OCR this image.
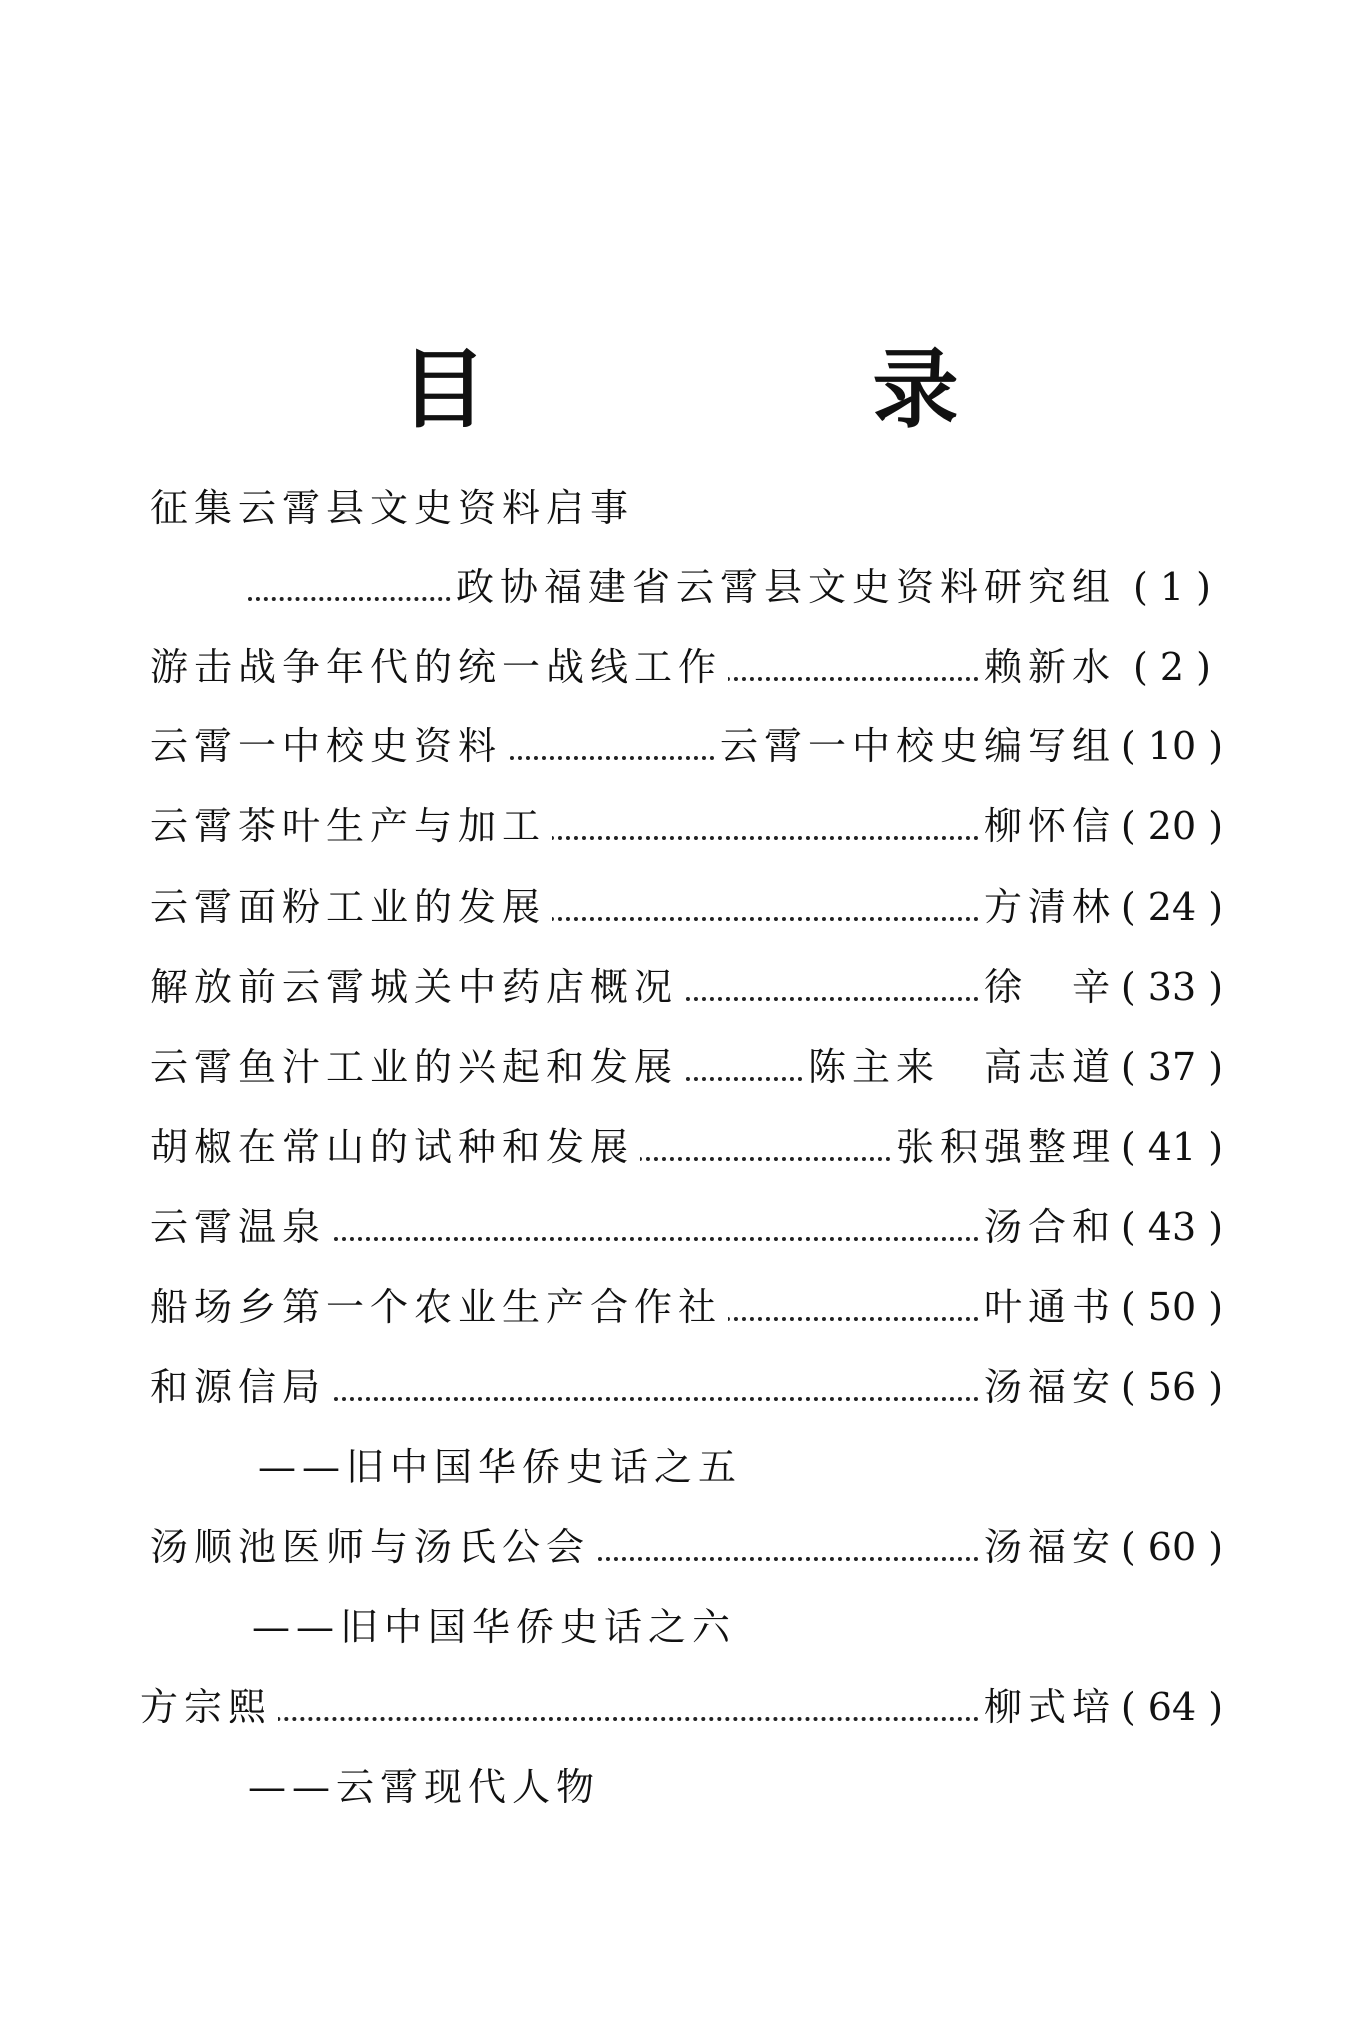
目　录
征集云霄县文史资料启事
政协福建省云霄县文史资料研究组 ( 1 )
游击战争年代的统一战线工作	赖新水 ( 2 )
云霄一中校史资料	云霄一中校史编写组 ( 10 )
云霄茶叶生产与加工	柳怀信 ( 20 )
云霄面粉工业的发展	方清林 ( 24 )
解放前云霄城关中药店概况	徐　辛 ( 33 )
云霄鱼汁工业的兴起和发展	陈主来　高志道 ( 37 )
胡椒在常山的试种和发展	张积强整理 ( 41 )
云霄温泉	汤合和 ( 43 )
船场乡第一个农业生产合作社	叶通书 ( 50 )
和源信局	汤福安 ( 56 )
——旧中国华侨史话之五
汤顺池医师与汤氏公会	汤福安 ( 60 )
——旧中国华侨史话之六
方宗熙	柳式培 ( 64 )
——云霄现代人物
